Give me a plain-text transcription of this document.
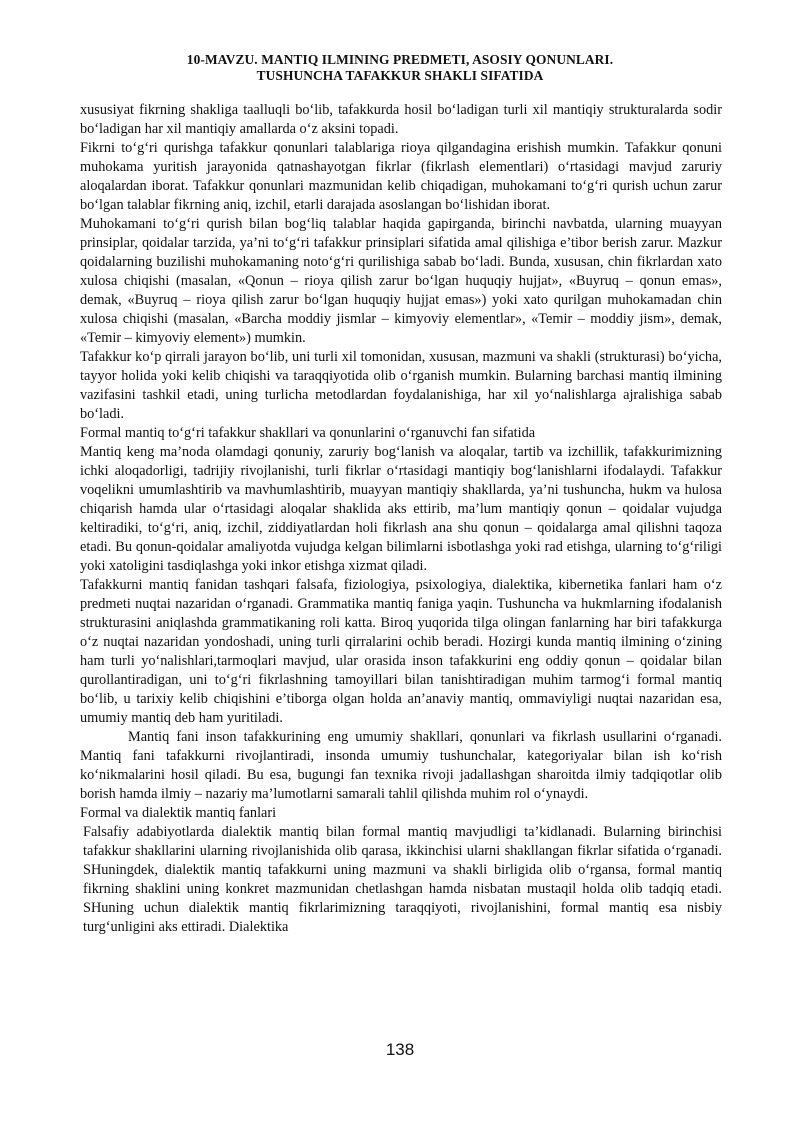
10-MAVZU. MANTIQ ILMINING PREDMETI, ASOSIY QONUNLARI.
TUSHUNCHA TAFAKKUR SHAKLI SIFATIDA

xususiyat fikrning shakliga taalluqli bo‘lib, tafakkurda hosil bo‘ladigan turli xil mantiqiy strukturalarda sodir bo‘ladigan har xil mantiqiy amallarda o‘z aksini topadi.

Fikrni to‘g‘ri qurishga tafakkur qonunlari talablariga rioya qilgandagina erishish mumkin. Tafakkur qonuni muhokama yuritish jarayonida qatnashayotgan fikrlar (fikrlash elementlari) o‘rtasidagi mavjud zaruriy aloqalardan iborat. Tafakkur qonunlari mazmunidan kelib chiqadigan, muhokamani to‘g‘ri qurish uchun zarur bo‘lgan talablar fikrning aniq, izchil, etarli darajada asoslangan bo‘lishidan iborat.

Muhokamani to‘g‘ri qurish bilan bog‘liq talablar haqida gapirganda, birinchi navbatda, ularning muayyan prinsiplar, qoidalar tarzida, ya’ni to‘g‘ri tafakkur prinsiplari sifatida amal qilishiga e’tibor berish zarur. Mazkur qoidalarning buzilishi muhokamaning noto‘g‘ri qurilishiga sabab bo‘ladi. Bunda, xususan, chin fikrlardan xato xulosa chiqishi (masalan, «Qonun – rioya qilish zarur bo‘lgan huquqiy hujjat», «Buyruq – qonun emas», demak, «Buyruq – rioya qilish zarur bo‘lgan huquqiy hujjat emas») yoki xato qurilgan muhokamadan chin xulosa chiqishi (masalan, «Barcha moddiy jismlar – kimyoviy elementlar», «Temir – moddiy jism», demak, «Temir – kimyoviy element») mumkin.

Tafakkur ko‘p qirrali jarayon bo‘lib, uni turli xil tomonidan, xususan, mazmuni va shakli (strukturasi) bo‘yicha, tayyor holida yoki kelib chiqishi va taraqqiyotida olib o‘rganish mumkin. Bularning barchasi mantiq ilmining vazifasini tashkil etadi, uning turlicha metodlardan foydalanishiga, har xil yo‘nalishlarga ajralishiga sabab bo‘ladi.

Formal mantiq to‘g‘ri tafakkur shakllari va qonunlarini o‘rganuvchi fan sifatida

Mantiq keng ma’noda olamdagi qonuniy, zaruriy bog‘lanish va aloqalar, tartib va izchillik, tafakkurimizning ichki aloqadorligi, tadrijiy rivojlanishi, turli fikrlar o‘rtasidagi mantiqiy bog‘lanishlarni ifodalaydi. Tafakkur voqelikni umumlashtirib va mavhumlashtirib, muayyan mantiqiy shakllarda, ya’ni tushuncha, hukm va hulosa chiqarish hamda ular o‘rtasidagi aloqalar shaklida aks ettirib, ma’lum mantiqiy qonun – qoidalar vujudga keltiradiki, to‘g‘ri, aniq, izchil, ziddiyatlardan holi fikrlash ana shu qonun – qoidalarga amal qilishni taqoza etadi. Bu qonun-qoidalar amaliyotda vujudga kelgan bilimlarni isbotlashga yoki rad etishga, ularning to‘g‘riligi yoki xatoligini tasdiqlashga yoki inkor etishga xizmat qiladi.

Tafakkurni mantiq fanidan tashqari falsafa, fiziologiya, psixologiya, dialektika, kibernetika fanlari ham o‘z predmeti nuqtai nazaridan o‘rganadi. Grammatika mantiq faniga yaqin. Tushuncha va hukmlarning ifodalanish strukturasini aniqlashda grammatikaning roli katta. Biroq yuqorida tilga olingan fanlarning har biri tafakkurga o‘z nuqtai nazaridan yondoshadi, uning turli qirralarini ochib beradi. Hozirgi kunda mantiq ilmining o‘zining ham turli yo‘nalishlari,tarmoqlari mavjud, ular orasida inson tafakkurini eng oddiy qonun – qoidalar bilan qurollantiradigan, uni to‘g‘ri fikrlashning tamoyillari bilan tanishtiradigan muhim tarmog‘i formal mantiq bo‘lib, u tarixiy kelib chiqishini e’tiborga olgan holda an’anaviy mantiq, ommaviyligi nuqtai nazaridan esa, umumiy mantiq deb ham yuritiladi.

Mantiq fani inson tafakkurining eng umumiy shakllari, qonunlari va fikrlash usullarini o‘rganadi. Mantiq fani tafakkurni rivojlantiradi, insonda umumiy tushunchalar, kategoriyalar bilan ish ko‘rish ko‘nikmalarini hosil qiladi. Bu esa, bugungi fan texnika rivoji jadallashgan sharoitda ilmiy tadqiqotlar olib borish hamda ilmiy – nazariy ma’lumotlarni samarali tahlil qilishda muhim rol o‘ynaydi.

Formal va dialektik mantiq fanlari

Falsafiy adabiyotlarda dialektik mantiq bilan formal mantiq mavjudligi ta’kidlanadi. Bularning birinchisi tafakkur shakllarini ularning rivojlanishida olib qarasa, ikkinchisi ularni shakllangan fikrlar sifatida o‘rganadi. SHuningdek, dialektik mantiq tafakkurni uning mazmuni va shakli birligida olib o‘rgansa, formal mantiq fikrning shaklini uning konkret mazmunidan chetlashgan hamda nisbatan mustaqil holda olib tadqiq etadi. SHuning uchun dialektik mantiq fikrlarimizning taraqqiyoti, rivojlanishini, formal mantiq esa nisbiy turg‘unligini aks ettiradi. Dialektika

138
